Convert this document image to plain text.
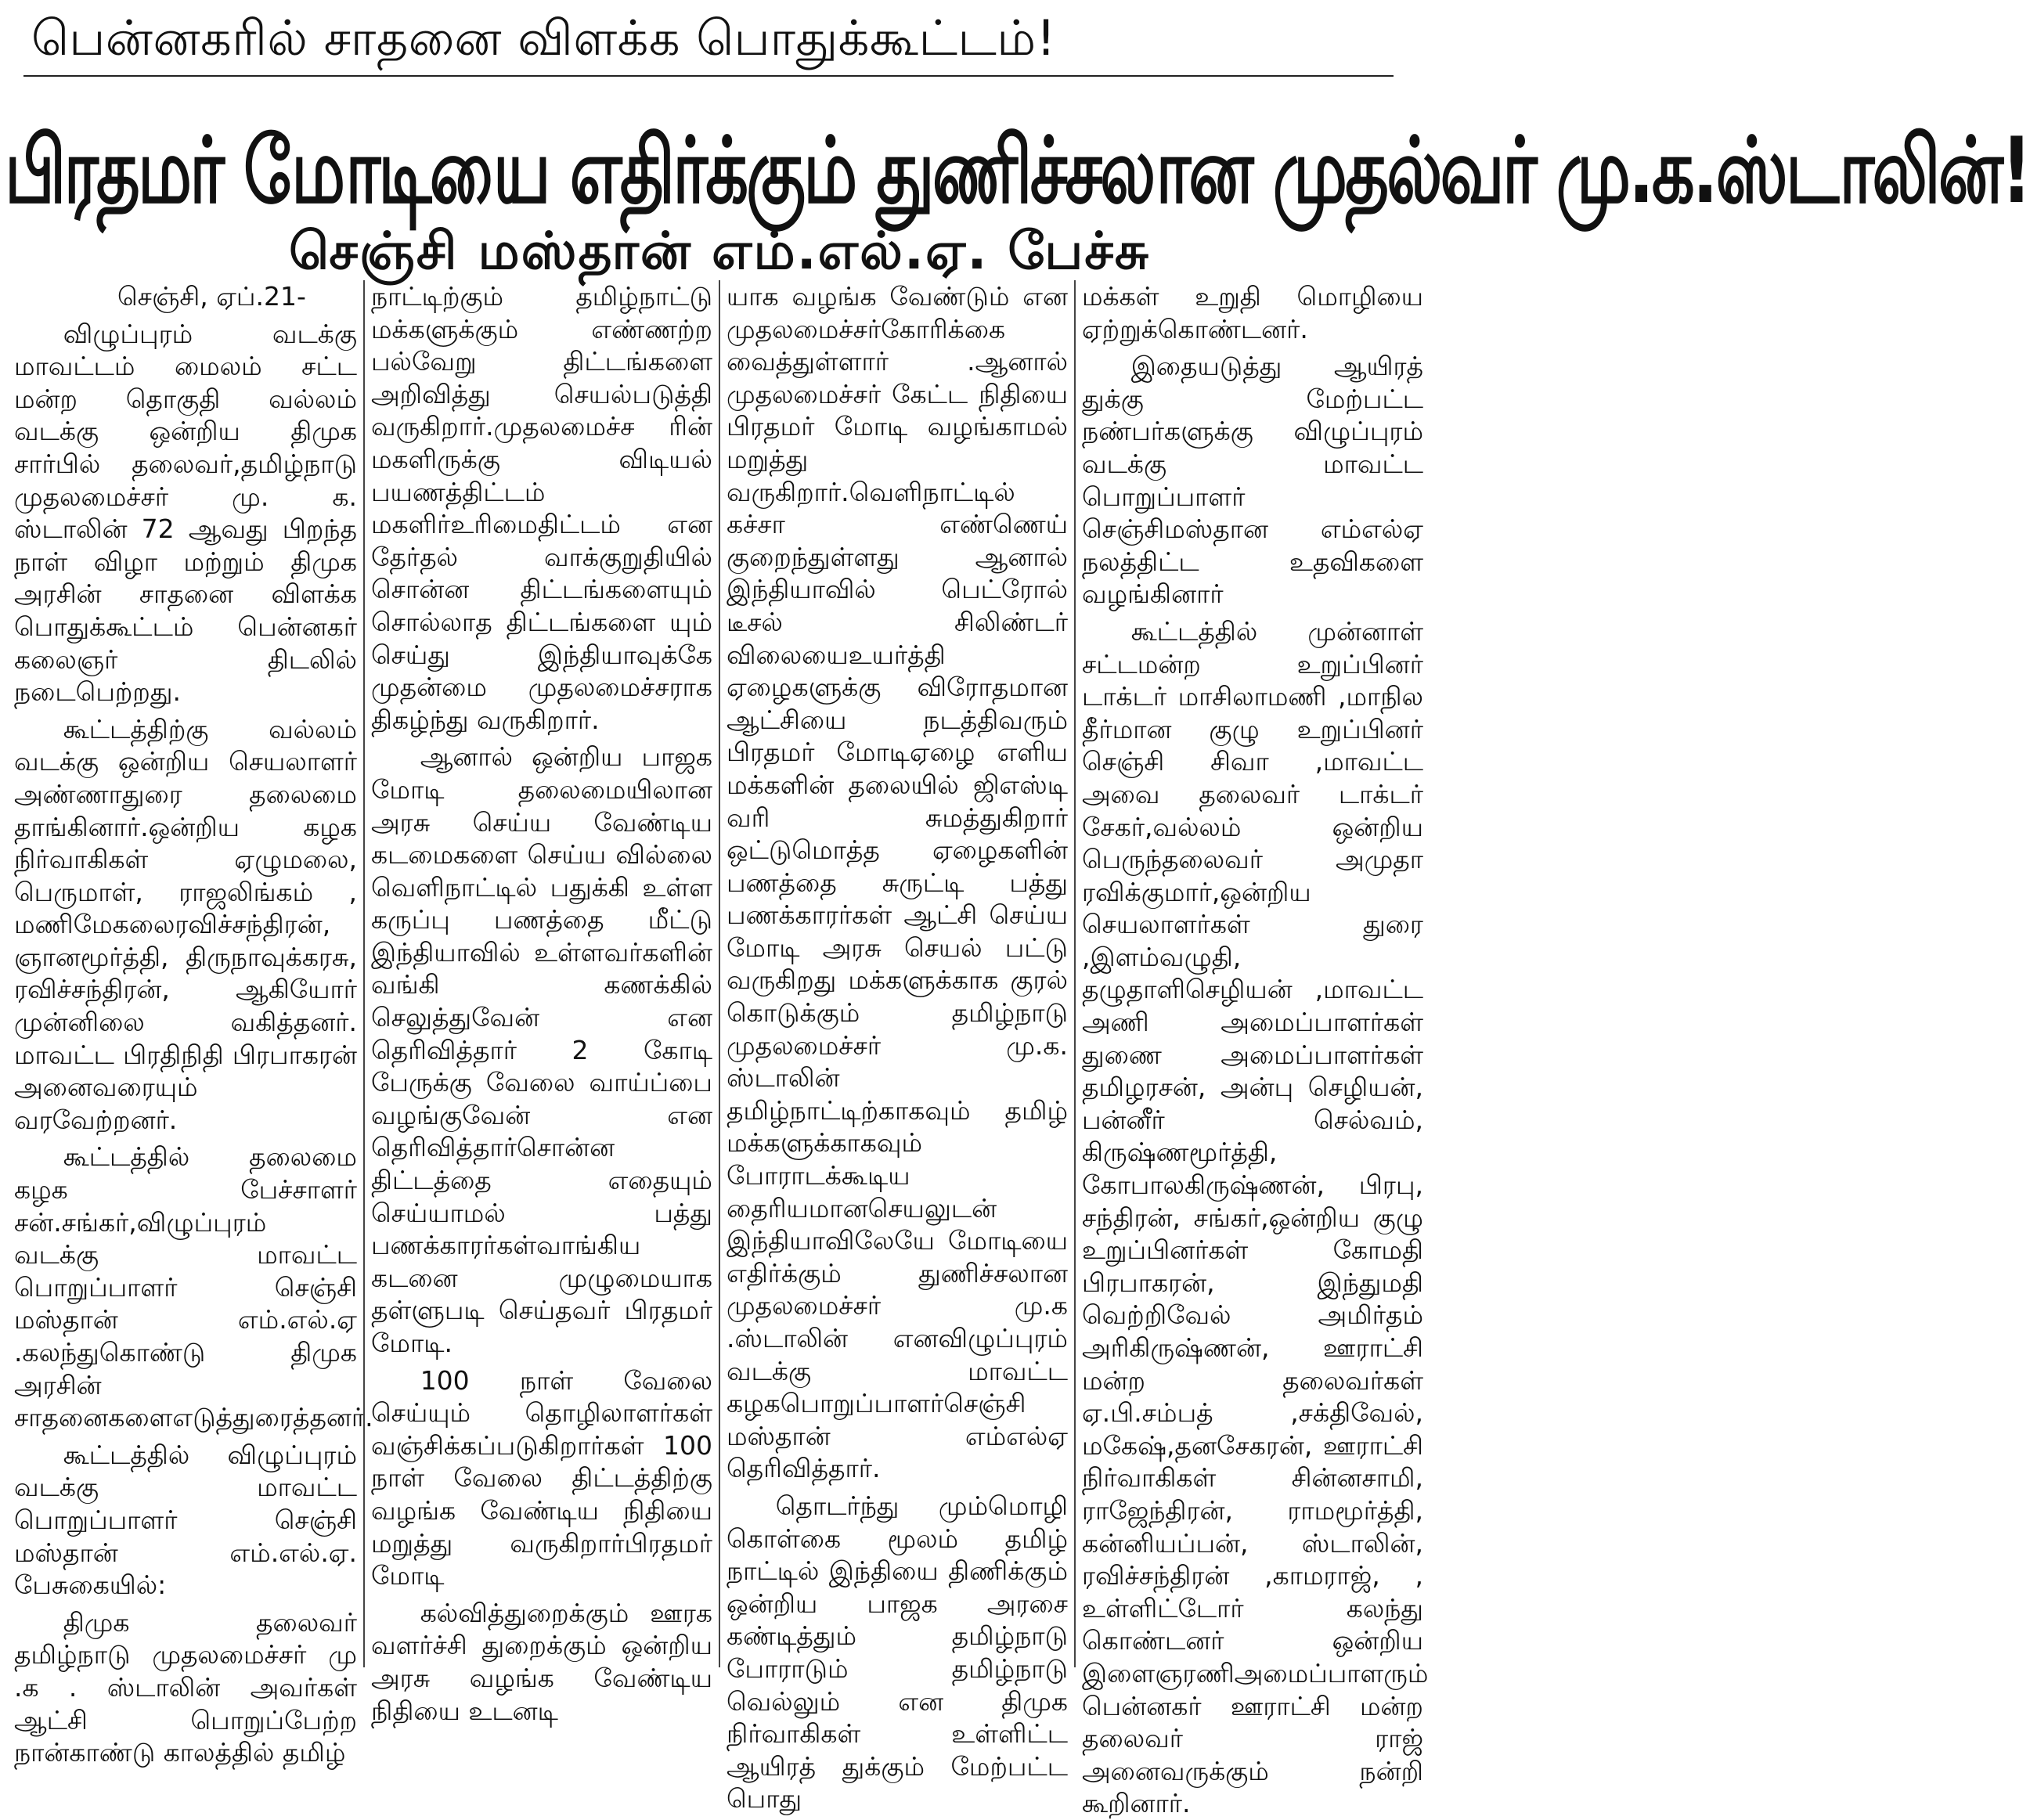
பென்னகரில் சாதனை விளக்க பொதுக்கூட்டம்!
பிரதமர் மோடியை எதிர்க்கும் துணிச்சலான முதல்வர் மு.க.ஸ்டாலின்!
செஞ்சி மஸ்தான் எம்.எல்.ஏ. பேச்சு

செஞ்சி, ஏப்.21-

விழுப்புரம் வடக்கு மாவட்டம் மைலம் சட்ட மன்ற தொகுதி வல்லம் வடக்கு ஒன்றிய திமுக சார்பில் தலைவர்,தமிழ்நாடு முதலமைச்சர் மு. க. ஸ்டாலின் 72 ஆவது பிறந்த நாள் விழா மற்றும் திமுக அரசின் சாதனை விளக்க பொதுக்கூட்டம் பென்னகர் கலைஞர் திடலில் நடைபெற்றது.

கூட்டத்திற்கு வல்லம் வடக்கு ஒன்றிய செயலாளர் அண்ணாதுரை தலைமை தாங்கினார்.ஒன்றிய கழக நிர்வாகிகள் ஏழுமலை, பெருமாள், ராஜலிங்கம் , மணிமேகலைரவிச்சந்திரன், ஞானமூர்த்தி, திருநாவுக்கரசு, ரவிச்சந்திரன், ஆகியோர் முன்னிலை வகித்தனர். மாவட்ட பிரதிநிதி பிரபாகரன் அனைவரையும் வரவேற்றனர்.

கூட்டத்தில் தலைமை கழக பேச்சாளர் சன்.சங்கர்,விழுப்புரம் வடக்கு மாவட்ட பொறுப்பாளர் செஞ்சி மஸ்தான் எம்.எல்.ஏ .கலந்துகொண்டு திமுக அரசின் சாதனைகளைஎடுத்துரைத்தனர்.

கூட்டத்தில் விழுப்புரம் வடக்கு மாவட்ட பொறுப்பாளர் செஞ்சி மஸ்தான் எம்.எல்.ஏ. பேசுகையில்:

திமுக தலைவர் தமிழ்நாடு முதலமைச்சர் மு .க . ஸ்டாலின் அவர்கள் ஆட்சி பொறுப்பேற்ற நான்காண்டு காலத்தில் தமிழ்

நாட்டிற்கும் தமிழ்நாட்டு மக்களுக்கும் எண்ணற்ற பல்வேறு திட்டங்களை அறிவித்து செயல்படுத்தி வருகிறார்.முதலமைச்ச ரின் மகளிருக்கு விடியல் பயணத்திட்டம் மகளிர்உரிமைதிட்டம் என தேர்தல் வாக்குறுதியில் சொன்ன திட்டங்களையும் சொல்லாத திட்டங்களை யும் செய்து இந்தியாவுக்கே முதன்மை முதலமைச்சராக திகழ்ந்து வருகிறார்.

ஆனால் ஒன்றிய பாஜக மோடி தலைமையிலான அரசு செய்ய வேண்டிய கடமைகளை செய்ய வில்லை வெளிநாட்டில் பதுக்கி உள்ள கருப்பு பணத்தை மீட்டு இந்தியாவில் உள்ளவர்களின் வங்கி கணக்கில் செலுத்துவேன் என தெரிவித்தார் 2 கோடி பேருக்கு வேலை வாய்ப்பை வழங்குவேன் என தெரிவித்தார்சொன்ன திட்டத்தை எதையும் செய்யாமல் பத்து பணக்காரர்கள்வாங்கிய கடனை முழுமையாக தள்ளுபடி செய்தவர் பிரதமர் மோடி.

100 நாள் வேலை செய்யும் தொழிலாளர்கள் வஞ்சிக்கப்படுகிறார்கள் 100 நாள் வேலை திட்டத்திற்கு வழங்க வேண்டிய நிதியை மறுத்து வருகிறார்பிரதமர் மோடி

கல்வித்துறைக்கும் ஊரக வளர்ச்சி துறைக்கும் ஒன்றிய அரசு வழங்க வேண்டிய நிதியை உடனடி

யாக வழங்க வேண்டும் என முதலமைச்சர்கோரிக்கை வைத்துள்ளார் .ஆனால் முதலமைச்சர் கேட்ட நிதியை பிரதமர் மோடி வழங்காமல் மறுத்து வருகிறார்.வெளிநாட்டில் கச்சா எண்ணெய் குறைந்துள்ளது ஆனால் இந்தியாவில் பெட்ரோல் டீசல் சிலிண்டர் விலையைஉயர்த்தி ஏழைகளுக்கு விரோதமான ஆட்சியை நடத்திவரும் பிரதமர் மோடிஏழை எளிய மக்களின் தலையில் ஜிஎஸ்டி வரி சுமத்துகிறார் ஒட்டுமொத்த ஏழைகளின் பணத்தை சுருட்டி பத்து பணக்காரர்கள் ஆட்சி செய்ய மோடி அரசு செயல் பட்டு வருகிறது மக்களுக்காக குரல் கொடுக்கும் தமிழ்நாடு முதலமைச்சர் மு.க. ஸ்டாலின் தமிழ்நாட்டிற்காகவும் தமிழ் மக்களுக்காகவும் போராடக்கூடிய தைரியமானசெயலுடன் இந்தியாவிலேயே மோடியை எதிர்க்கும் துணிச்சலான முதலமைச்சர் மு.க .ஸ்டாலின் எனவிழுப்புரம் வடக்கு மாவட்ட கழகபொறுப்பாளர்செஞ்சி மஸ்தான் எம்எல்ஏ தெரிவித்தார்.

தொடர்ந்து மும்மொழி கொள்கை மூலம் தமிழ் நாட்டில் இந்தியை திணிக்கும் ஒன்றிய பாஜக அரசை கண்டித்தும் தமிழ்நாடு போராடும் தமிழ்நாடு வெல்லும் என திமுக நிர்வாகிகள் உள்ளிட்ட ஆயிரத் துக்கும் மேற்பட்ட பொது

மக்கள் உறுதி மொழியை ஏற்றுக்கொண்டனர்.

இதையடுத்து ஆயிரத் துக்கு மேற்பட்ட நண்பர்களுக்கு விழுப்புரம் வடக்கு மாவட்ட பொறுப்பாளர் செஞ்சிமஸ்தான எம்எல்ஏ நலத்திட்ட உதவிகளை வழங்கினார்

கூட்டத்தில் முன்னாள் சட்டமன்ற உறுப்பினர் டாக்டர் மாசிலாமணி ,மாநில தீர்மான குழு உறுப்பினர் செஞ்சி சிவா ,மாவட்ட அவை தலைவர் டாக்டர் சேகர்,வல்லம் ஒன்றிய பெருந்தலைவர் அமுதா ரவிக்குமார்,ஒன்றிய செயலாளர்கள் துரை ,இளம்வழுதி, தழுதாளிசெழியன் ,மாவட்ட அணி அமைப்பாளர்கள் துணை அமைப்பாளர்கள் தமிழரசன், அன்பு செழியன், பன்னீர் செல்வம், கிருஷ்ணமூர்த்தி, கோபாலகிருஷ்ணன், பிரபு, சந்திரன், சங்கர்,ஒன்றிய குழு உறுப்பினர்கள் கோமதி பிரபாகரன், இந்துமதி வெற்றிவேல் அமிர்தம் அரிகிருஷ்ணன், ஊராட்சி மன்ற தலைவர்கள் ஏ.பி.சம்பத் ,சக்திவேல், மகேஷ்,தனசேகரன், ஊராட்சி நிர்வாகிகள் சின்னசாமி, ராஜேந்திரன், ராமமூர்த்தி, கன்னியப்பன், ஸ்டாலின், ரவிச்சந்திரன் ,காமராஜ், , உள்ளிட்டோர் கலந்து கொண்டனர் ஒன்றிய இளைஞரணிஅமைப்பாளரும் பென்னகர் ஊராட்சி மன்ற தலைவர் ராஜ் அனைவருக்கும் நன்றி கூறினார்.
